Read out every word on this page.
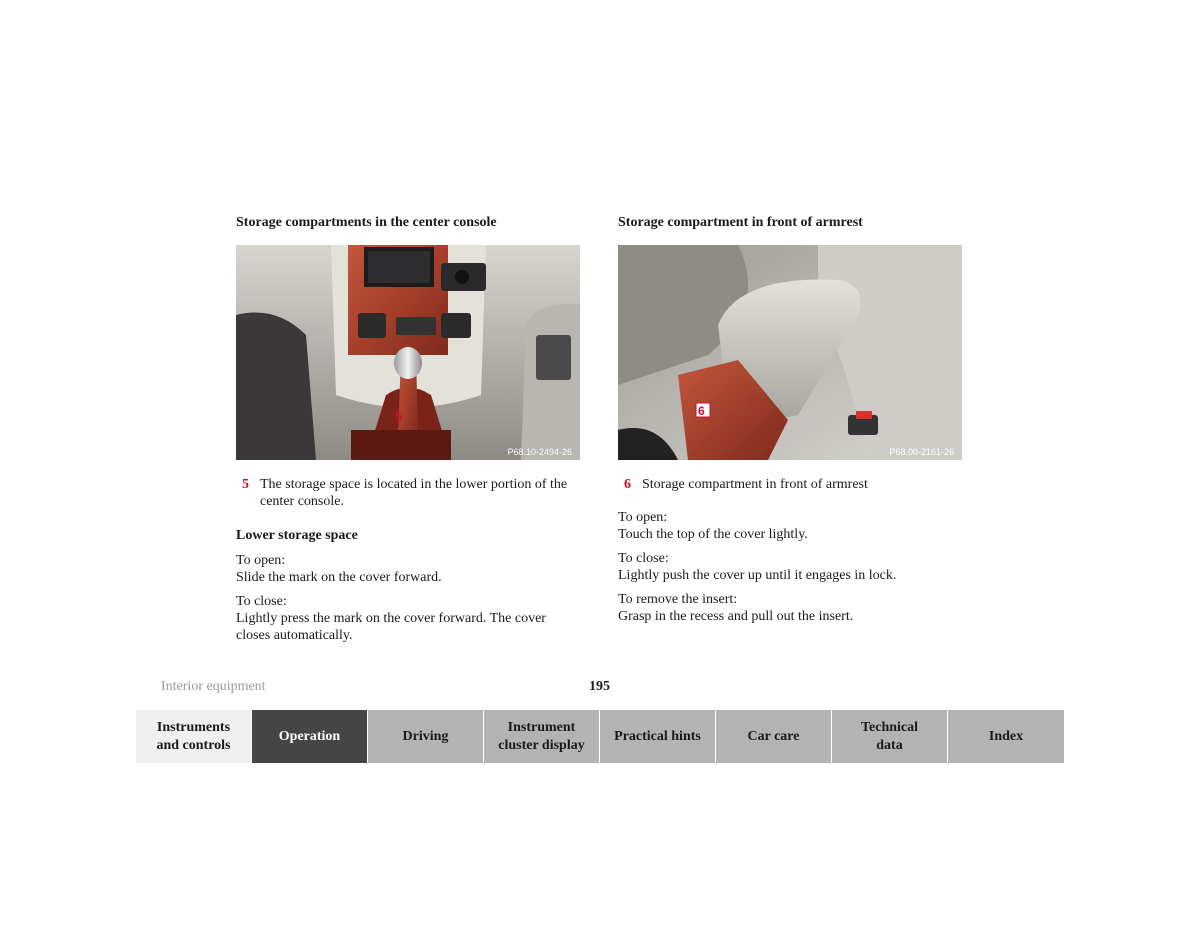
Storage compartments in the center console
5
P68.10-2494-26
5 The storage space is located in the lower portion of the center console.
Lower storage space
To open:
Slide the mark on the cover forward.
To close:
Lightly press the mark on the cover forward. The cover closes automatically.
Storage compartment in front of armrest
6
P68.00-2161-26
6 Storage compartment in front of armrest
To open:
Touch the top of the cover lightly.
To close:
Lightly push the cover up until it engages in lock.
To remove the insert:
Grasp in the recess and pull out the insert.
Interior equipment	195
Instruments
and controls
Operation	Driving
Instrument
cluster display
Practical hints	Car care
Technical
data
Index
